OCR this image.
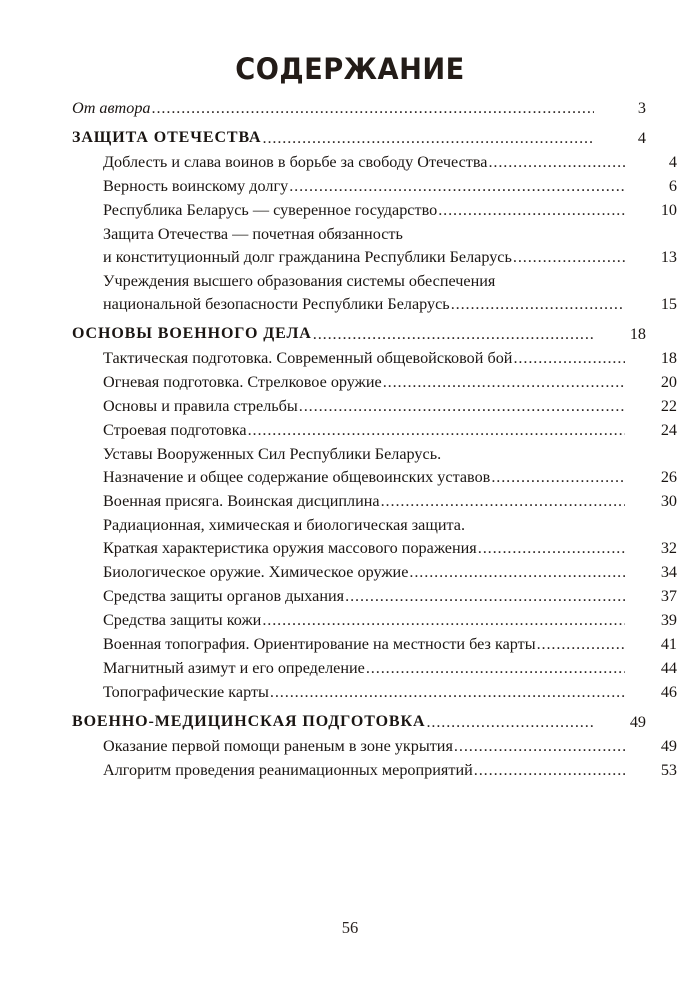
СОДЕРЖАНИЕ
От автора .....	3
ЗАЩИТА ОТЕЧЕСТВА .....	4
Доблесть и слава воинов в борьбе за свободу Отечества .....	4
Верность воинскому долгу .....	6
Республика Беларусь — суверенное государство .....	10
Защита Отечества — почетная обязанность
и конституционный долг гражданина Республики Беларусь .....	13
Учреждения высшего образования системы обеспечения
национальной безопасности Республики Беларусь .....	15
ОСНОВЫ ВОЕННОГО ДЕЛА .....	18
Тактическая подготовка. Современный общевойсковой бой .....	18
Огневая подготовка. Стрелковое оружие .....	20
Основы и правила стрельбы .....	22
Строевая подготовка .....	24
Уставы Вооруженных Сил Республики Беларусь.
Назначение и общее содержание общевоинских уставов .....	26
Военная присяга. Воинская дисциплина .....	30
Радиационная, химическая и биологическая защита.
Краткая характеристика оружия массового поражения .....	32
Биологическое оружие. Химическое оружие .....	34
Средства защиты органов дыхания .....	37
Средства защиты кожи .....	39
Военная топография. Ориентирование на местности без карты .....	41
Магнитный азимут и его определение .....	44
Топографические карты .....	46
ВОЕННО-МЕДИЦИНСКАЯ ПОДГОТОВКА .....	49
Оказание первой помощи раненым в зоне укрытия .....	49
Алгоритм проведения реанимационных мероприятий .....	53
56
